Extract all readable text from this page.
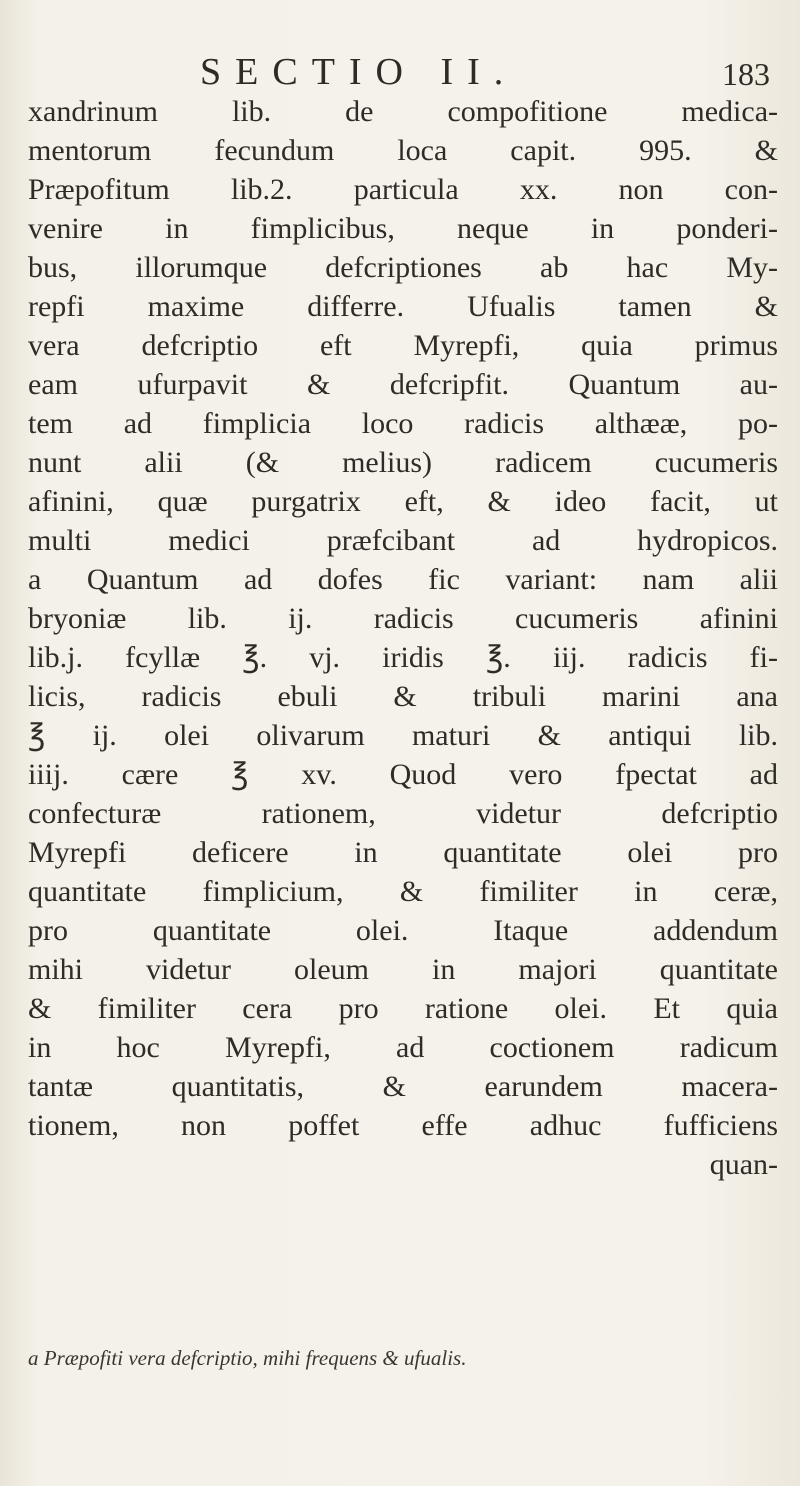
SECTIO II.	183
xandrinum lib. de compofitione medica-
mentorum fecundum loca capit. 995. &
Præpofitum lib.2. particula xx. non con-
venire in fimplicibus, neque in ponderi-
bus, illorumque defcriptiones ab hac My-
repfi maxime differre. Ufualis tamen &
vera defcriptio eft Myrepfi, quia primus
eam ufurpavit & defcripfit. Quantum au-
tem ad fimplicia loco radicis althææ, po-
nunt alii (& melius) radicem cucumeris
afinini, quæ purgatrix eft, & ideo facit, ut
multi medici præfcibant ad hydropicos.
a Quantum ad dofes fic variant: nam alii
bryoniæ lib. ij. radicis cucumeris afinini
lib.j. fcyllæ ℥. vj. iridis ℥. iij. radicis fi-
licis, radicis ebuli & tribuli marini ana
℥ ij. olei olivarum maturi & antiqui lib.
iiij. cære ℥ xv. Quod vero fpectat ad
confecturæ rationem, videtur defcriptio
Myrepfi deficere in quantitate olei pro
quantitate fimplicium, & fimiliter in ceræ,
pro quantitate olei. Itaque addendum
mihi videtur oleum in majori quantitate
& fimiliter cera pro ratione olei. Et quia
in hoc Myrepfi, ad coctionem radicum
tantæ quantitatis, & earundem macera-
tionem, non poffet effe adhuc fufficiens
quan-
a Præpofiti vera defcriptio, mihi frequens & ufualis.
